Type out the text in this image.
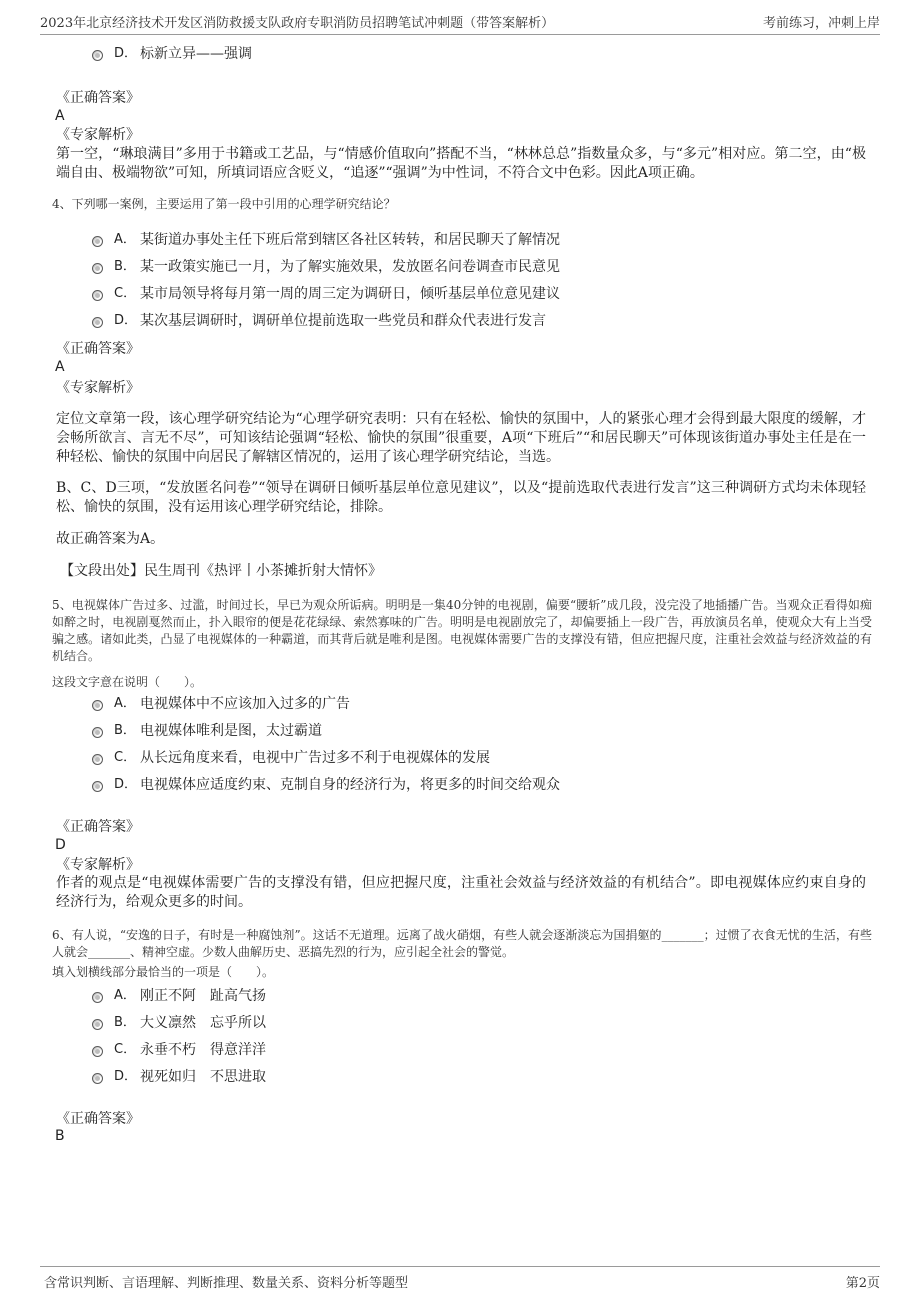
2023年北京经济技术开发区消防救援支队政府专职消防员招聘笔试冲刺题（带答案解析）	考前练习，冲刺上岸
D． 标新立异——强调
《正确答案》
A
《专家解析》
第一空，“琳琅满目”多用于书籍或工艺品，与“情感价值取向”搭配不当，“林林总总”指数量众多，与“多元”相对应。第二空，由“极端自由、极端物欲”可知，所填词语应含贬义，“追逐”“强调”为中性词，不符合文中色彩。因此A项正确。
4、下列哪一案例，主要运用了第一段中引用的心理学研究结论？
A． 某街道办事处主任下班后常到辖区各社区转转，和居民聊天了解情况
B． 某一政策实施已一月，为了解实施效果，发放匿名问卷调查市民意见
C． 某市局领导将每月第一周的周三定为调研日，倾听基层单位意见建议
D． 某次基层调研时，调研单位提前选取一些党员和群众代表进行发言
《正确答案》
A
《专家解析》
定位文章第一段，该心理学研究结论为“心理学研究表明：只有在轻松、愉快的氛围中，人的紧张心理才会得到最大限度的缓解，才会畅所欲言、言无不尽”，可知该结论强调“轻松、愉快的氛围”很重要，A项“下班后”“和居民聊天”可体现该街道办事处主任是在一种轻松、愉快的氛围中向居民了解辖区情况的，运用了该心理学研究结论，当选。
B、C、D三项，“发放匿名问卷”“领导在调研日倾听基层单位意见建议”，以及“提前选取代表进行发言”这三种调研方式均未体现轻松、愉快的氛围，没有运用该心理学研究结论，排除。
故正确答案为A。
【文段出处】民生周刊《热评丨小茶摊折射大情怀》
5、电视媒体广告过多、过滥，时间过长，早已为观众所诟病。明明是一集40分钟的电视剧，偏要“腰斩”成几段，没完没了地插播广告。当观众正看得如痴如醉之时，电视剧戛然而止，扑入眼帘的便是花花绿绿、索然寡味的广告。明明是电视剧放完了，却偏要插上一段广告，再放演员名单，使观众大有上当受骗之感。诸如此类，凸显了电视媒体的一种霸道，而其背后就是唯利是图。电视媒体需要广告的支撑没有错，但应把握尺度，注重社会效益与经济效益的有机结合。
这段文字意在说明（　　）。
A． 电视媒体中不应该加入过多的广告
B． 电视媒体唯利是图，太过霸道
C． 从长远角度来看，电视中广告过多不利于电视媒体的发展
D． 电视媒体应适度约束、克制自身的经济行为，将更多的时间交给观众
《正确答案》
D
《专家解析》
作者的观点是“电视媒体需要广告的支撑没有错，但应把握尺度，注重社会效益与经济效益的有机结合”。即电视媒体应约束自身的经济行为，给观众更多的时间。
6、有人说，“安逸的日子，有时是一种腐蚀剂”。这话不无道理。远离了战火硝烟，有些人就会逐渐淡忘为国捐躯的_______；过惯了衣食无忧的生活，有些人就会_______、精神空虚。少数人曲解历史、恶搞先烈的行为，应引起全社会的警觉。
填入划横线部分最恰当的一项是（　　）。
A． 刚正不阿　趾高气扬
B． 大义凛然　忘乎所以
C． 永垂不朽　得意洋洋
D． 视死如归　不思进取
《正确答案》
B
含常识判断、言语理解、判断推理、数量关系、资料分析等题型	第2页
